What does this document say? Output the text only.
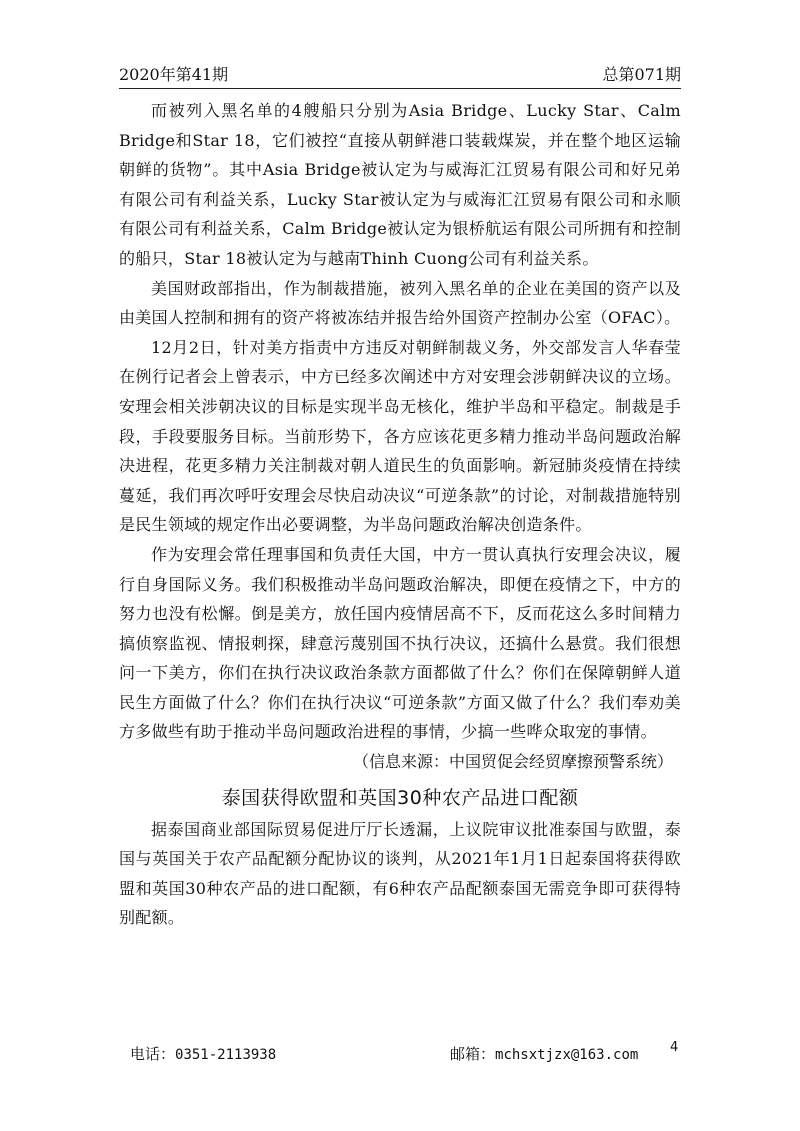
2020年第41期	总第071期

而被列入黑名单的4艘船只分别为Asia Bridge、Lucky Star、Calm Bridge和Star 18，它们被控“直接从朝鲜港口装载煤炭，并在整个地区运输朝鲜的货物”。其中Asia Bridge被认定为与威海汇江贸易有限公司和好兄弟有限公司有利益关系，Lucky Star被认定为与威海汇江贸易有限公司和永顺有限公司有利益关系，Calm Bridge被认定为银桥航运有限公司所拥有和控制的船只，Star 18被认定为与越南Thinh Cuong公司有利益关系。

美国财政部指出，作为制裁措施，被列入黑名单的企业在美国的资产以及由美国人控制和拥有的资产将被冻结并报告给外国资产控制办公室（OFAC）。

12月2日，针对美方指责中方违反对朝鲜制裁义务，外交部发言人华春莹在例行记者会上曾表示，中方已经多次阐述中方对安理会涉朝鲜决议的立场。安理会相关涉朝决议的目标是实现半岛无核化，维护半岛和平稳定。制裁是手段，手段要服务目标。当前形势下，各方应该花更多精力推动半岛问题政治解决进程，花更多精力关注制裁对朝人道民生的负面影响。新冠肺炎疫情在持续蔓延，我们再次呼吁安理会尽快启动决议“可逆条款”的讨论，对制裁措施特别是民生领域的规定作出必要调整，为半岛问题政治解决创造条件。

作为安理会常任理事国和负责任大国，中方一贯认真执行安理会决议，履行自身国际义务。我们积极推动半岛问题政治解决，即便在疫情之下，中方的努力也没有松懈。倒是美方，放任国内疫情居高不下，反而花这么多时间精力搞侦察监视、情报刺探，肆意污蔑别国不执行决议，还搞什么悬赏。我们很想问一下美方，你们在执行决议政治条款方面都做了什么？你们在保障朝鲜人道民生方面做了什么？你们在执行决议“可逆条款”方面又做了什么？我们奉劝美方多做些有助于推动半岛问题政治进程的事情，少搞一些哗众取宠的事情。

（信息来源：中国贸促会经贸摩擦预警系统）

泰国获得欧盟和英国30种农产品进口配额

据泰国商业部国际贸易促进厅厅长透漏，上议院审议批准泰国与欧盟，泰国与英国关于农产品配额分配协议的谈判，从2021年1月1日起泰国将获得欧盟和英国30种农产品的进口配额，有6种农产品配额泰国无需竞争即可获得特别配额。

电话：0351-2113938	邮箱：mchsxtjzx@163.com 4
